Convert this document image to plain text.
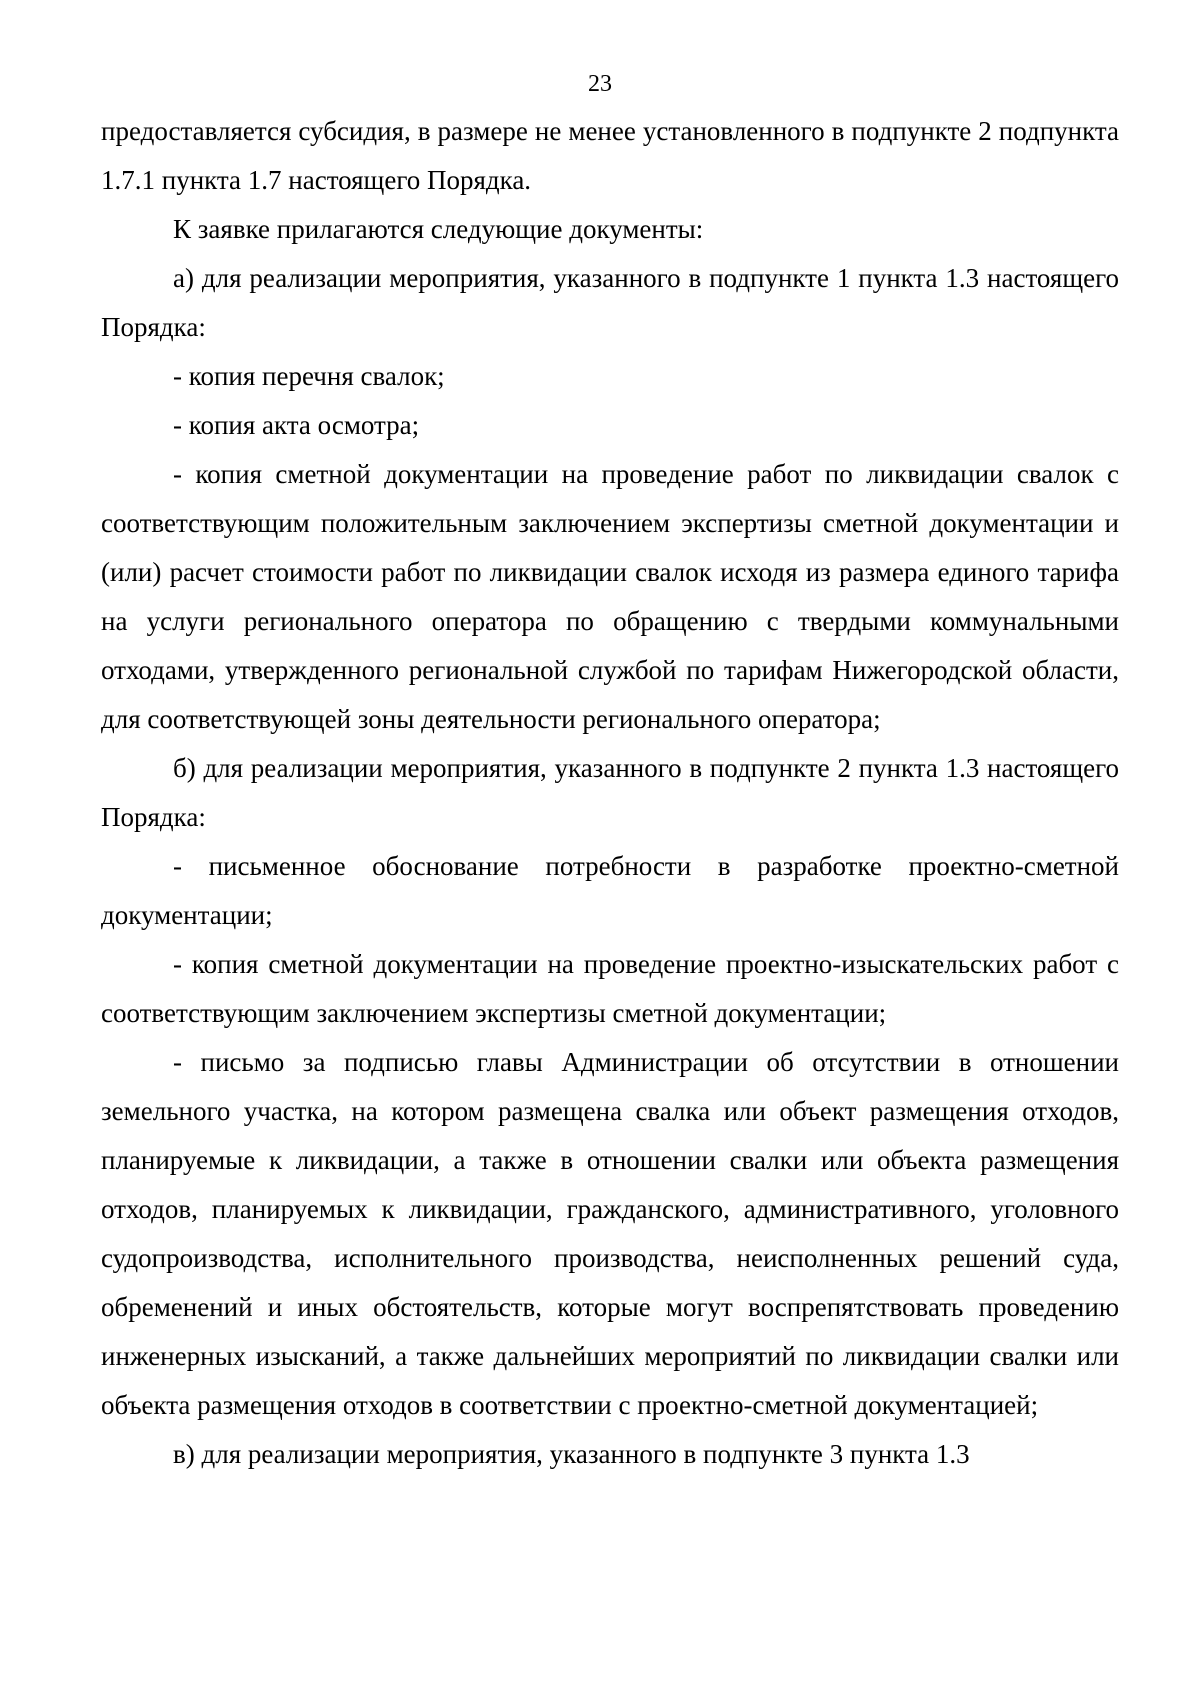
23

предоставляется субсидия, в размере не менее установленного в подпункте 2 подпункта 1.7.1 пункта 1.7 настоящего Порядка.

К заявке прилагаются следующие документы:

а) для реализации мероприятия, указанного в подпункте 1 пункта 1.3 настоящего Порядка:

- копия перечня свалок;

- копия акта осмотра;

- копия сметной документации на проведение работ по ликвидации свалок с соответствующим положительным заключением экспертизы сметной документации и (или) расчет стоимости работ по ликвидации свалок исходя из размера единого тарифа на услуги регионального оператора по обращению с твердыми коммунальными отходами, утвержденного региональной службой по тарифам Нижегородской области, для соответствующей зоны деятельности регионального оператора;

б) для реализации мероприятия, указанного в подпункте 2 пункта 1.3 настоящего Порядка:

- письменное обоснование потребности в разработке проектно-сметной документации;

- копия сметной документации на проведение проектно-изыскательских работ с соответствующим заключением экспертизы сметной документации;

- письмо за подписью главы Администрации об отсутствии в отношении земельного участка, на котором размещена свалка или объект размещения отходов, планируемые к ликвидации, а также в отношении свалки или объекта размещения отходов, планируемых к ликвидации, гражданского, административного, уголовного судопроизводства, исполнительного производства, неисполненных решений суда, обременений и иных обстоятельств, которые могут воспрепятствовать проведению инженерных изысканий, а также дальнейших мероприятий по ликвидации свалки или объекта размещения отходов в соответствии с проектно-сметной документацией;

в) для реализации мероприятия, указанного в подпункте 3 пункта 1.3
